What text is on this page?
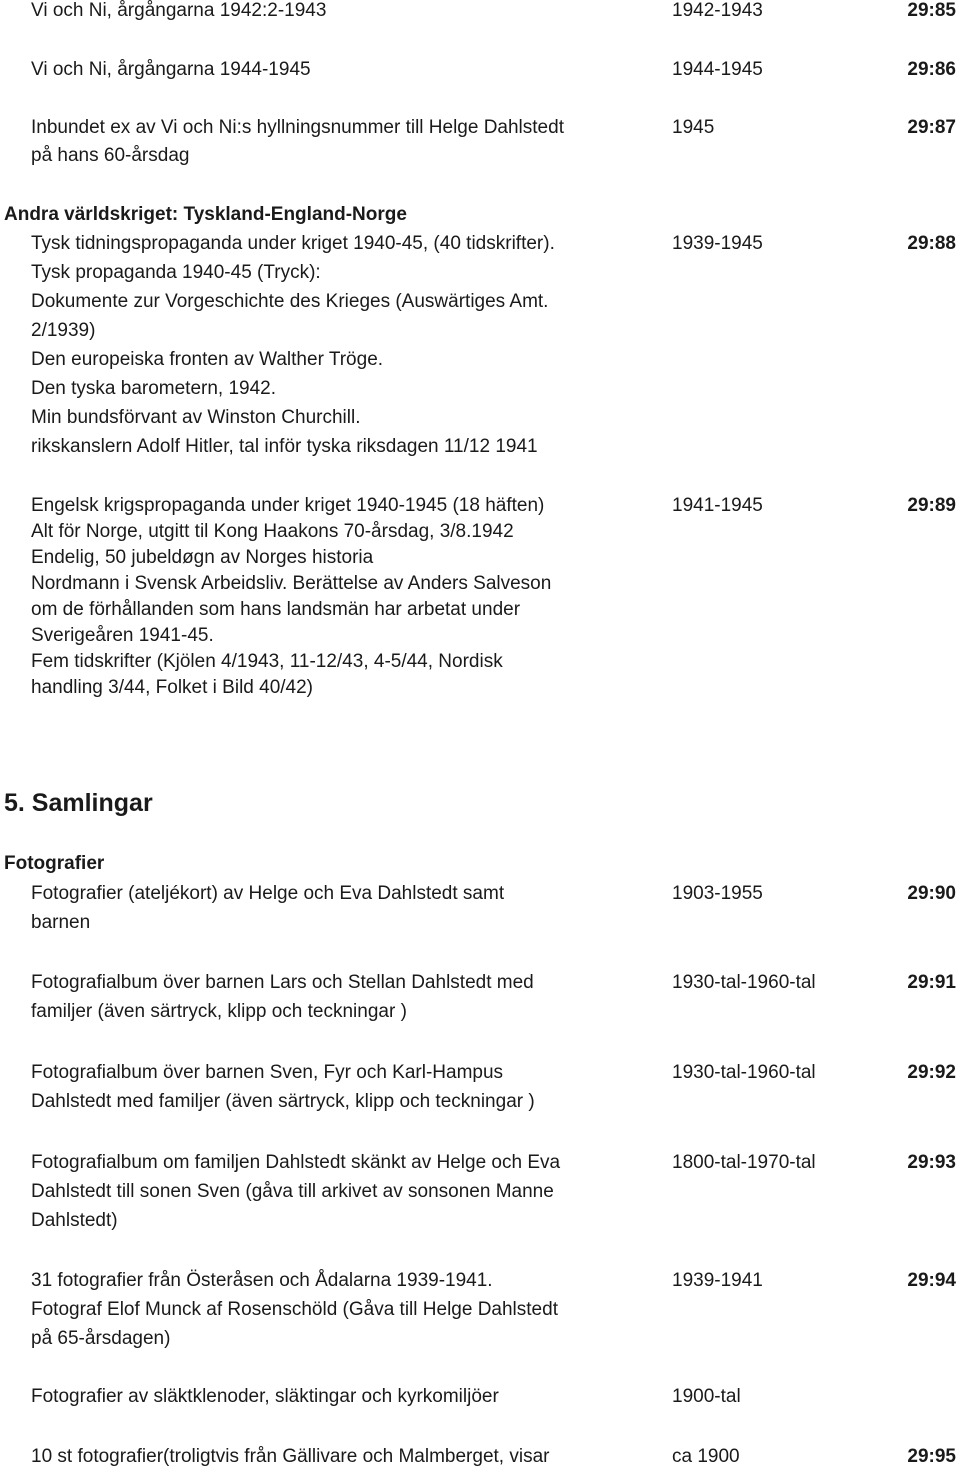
Vi och Ni, årgångarna 1942:2-1943	1942-1943	29:85
Vi och Ni, årgångarna 1944-1945	1944-1945	29:86
Inbundet ex av Vi och Ni:s hyllningsnummer till Helge Dahlstedt
på hans 60-årsdag
1945	29:87
Andra världskriget: Tyskland-England-Norge
Tysk tidningspropaganda under kriget 1940-45, (40 tidskrifter).
Tysk propaganda 1940-45 (Tryck):
Dokumente zur Vorgeschichte des Krieges (Auswärtiges Amt.
2/1939)
Den europeiska fronten av Walther Tröge.
Den tyska barometern, 1942.
Min bundsförvant av Winston Churchill.
rikskanslern Adolf Hitler, tal inför tyska riksdagen 11/12 1941
1939-1945	29:88
Engelsk krigspropaganda under kriget 1940-1945 (18 häften)
Alt för Norge, utgitt til Kong Haakons 70-årsdag, 3/8.1942
Endelig, 50 jubeldøgn av Norges historia
Nordmann i Svensk Arbeidsliv. Berättelse av Anders Salveson
om de förhållanden som hans landsmän har arbetat under
Sverigeåren 1941-45.
Fem tidskrifter (Kjölen 4/1943, 11-12/43, 4-5/44, Nordisk
handling 3/44, Folket i Bild 40/42)
1941-1945	29:89
5. Samlingar
Fotografier
Fotografier (ateljékort) av Helge och Eva Dahlstedt samt
barnen
1903-1955	29:90
Fotografialbum över barnen Lars och Stellan Dahlstedt med
familjer (även särtryck, klipp och teckningar )
1930-tal-1960-tal	29:91
Fotografialbum över barnen Sven, Fyr och Karl-Hampus
Dahlstedt med familjer (även särtryck, klipp och teckningar )
1930-tal-1960-tal	29:92
Fotografialbum om familjen Dahlstedt skänkt av Helge och Eva
Dahlstedt till sonen Sven (gåva till arkivet av sonsonen Manne
Dahlstedt)
1800-tal-1970-tal	29:93
31 fotografier från Österåsen och Ådalarna 1939-1941.
Fotograf Elof Munck af Rosenschöld (Gåva till Helge Dahlstedt
på 65-årsdagen)
1939-1941	29:94
Fotografier av släktklenoder, släktingar och kyrkomiljöer	1900-tal
10 st fotografier(troligtvis från Gällivare och Malmberget, visar	ca 1900	29:95
